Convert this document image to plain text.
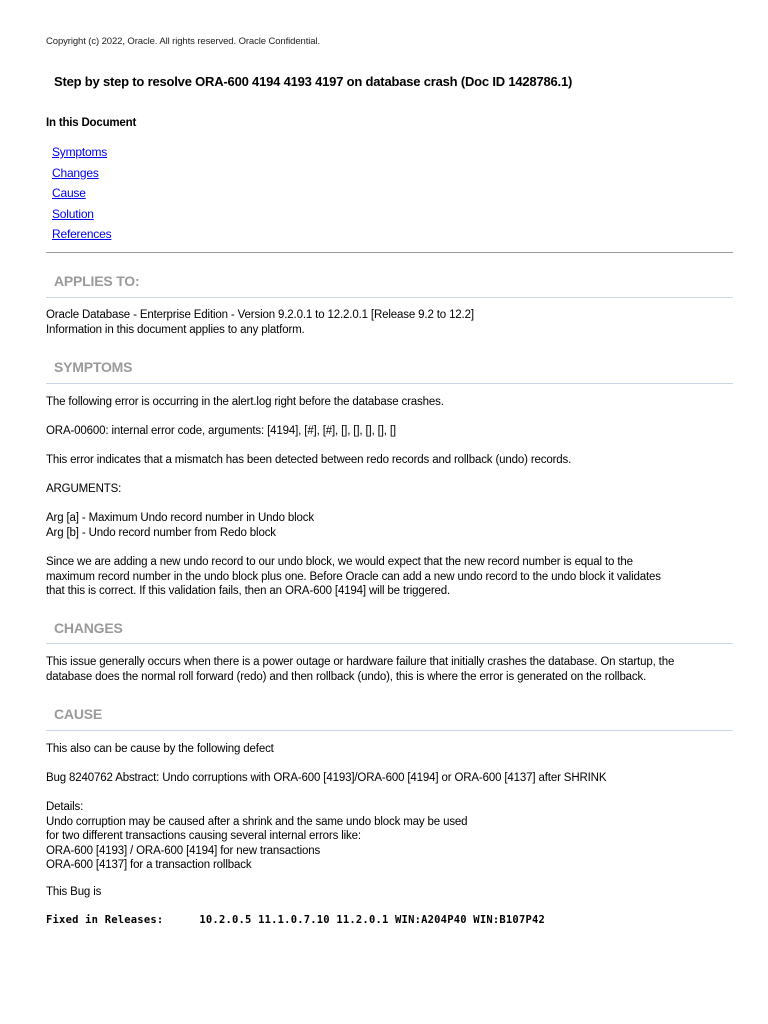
Copyright (c) 2022, Oracle. All rights reserved. Oracle Confidential.
Step by step to resolve ORA-600 4194 4193 4197 on database crash (Doc ID 1428786.1)
In this Document
Symptoms
Changes
Cause
Solution
References
APPLIES TO:
Oracle Database - Enterprise Edition - Version 9.2.0.1 to 12.2.0.1 [Release 9.2 to 12.2]
Information in this document applies to any platform.
SYMPTOMS
The following error is occurring in the alert.log right before the database crashes.
ORA-00600: internal error code, arguments: [4194], [#], [#], [], [], [], [], []
This error indicates that a mismatch has been detected between redo records and rollback (undo) records.
ARGUMENTS:
Arg [a] - Maximum Undo record number in Undo block
Arg [b] - Undo record number from Redo block
Since we are adding a new undo record to our undo block, we would expect that the new record number is equal to the
maximum record number in the undo block plus one. Before Oracle can add a new undo record to the undo block it validates
that this is correct. If this validation fails, then an ORA-600 [4194] will be triggered.
CHANGES
This issue generally occurs when there is a power outage or hardware failure that initially crashes the database. On startup, the
database does the normal roll forward (redo) and then rollback (undo), this is where the error is generated on the rollback.
CAUSE
This also can be cause by the following defect
Bug 8240762 Abstract: Undo corruptions with ORA-600 [4193]/ORA-600 [4194] or ORA-600 [4137] after SHRINK
Details:
Undo corruption may be caused after a shrink and the same undo block may be used
for two different transactions causing several internal errors like:
ORA-600 [4193] / ORA-600 [4194] for new transactions
ORA-600 [4137] for a transaction rollback
This Bug is
Fixed in Releases:	10.2.0.5 11.1.0.7.10 11.2.0.1 WIN:A204P40 WIN:B107P42
